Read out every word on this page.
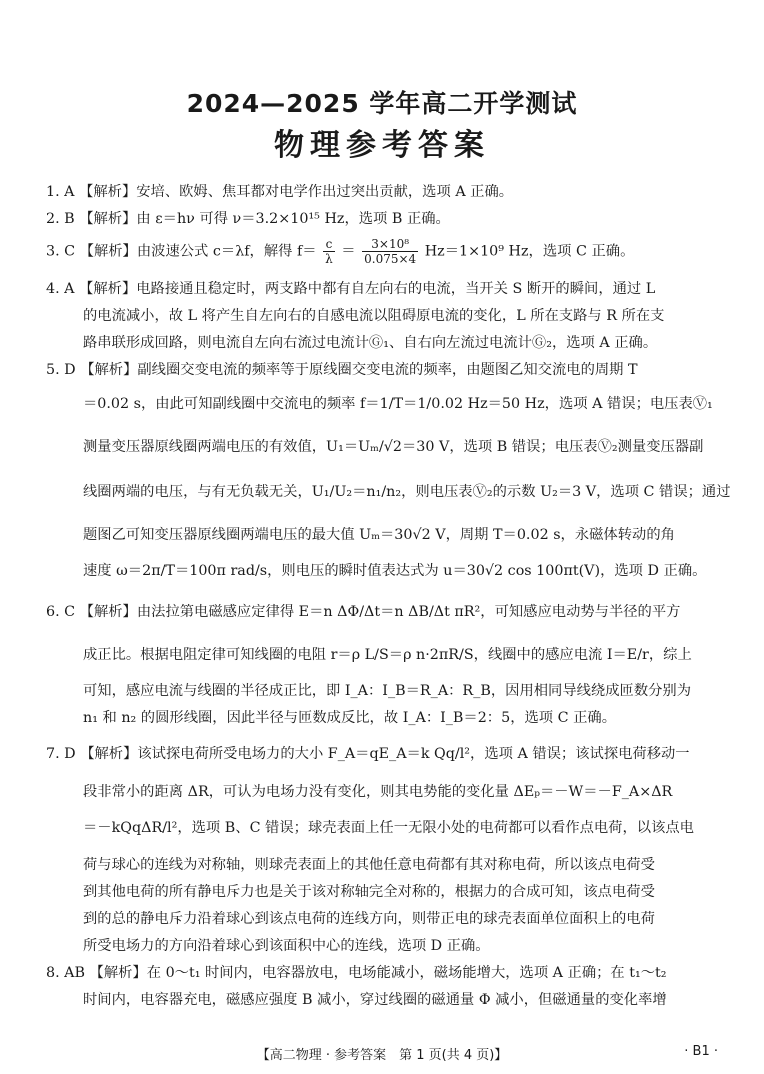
2024—2025 学年高二开学测试
物理参考答案
1. A 【解析】安培、欧姆、焦耳都对电学作出过突出贡献，选项 A 正确。
2. B 【解析】由 ε＝hν 可得 ν＝3.2×10¹⁵ Hz，选项 B 正确。
3. C 【解析】由波速公式 c＝λf，解得 $f= \frac{c}{\lambda} = \frac{\text{3×10⁸}}{0.075\times 4} Hz=1\times 10^9$ Hz，选项 C 正确。
4. A 【解析】电路接通且稳定时，两支路中都有自左向右的电流，当开关 S 断开的瞬间，通过 L
的电流减小，故 L 将产生自左向右的自感电流以阻碍原电流的变化，L 所在支路与 R 所在支
路串联形成回路，则电流自左向右流过电流计Ⓖ₁、自右向左流过电流计Ⓖ₂，选项 A 正确。
5. D 【解析】副线圈交变电流的频率等于原线圈交变电流的频率，由题图乙知交流电的周期 T
＝0.02 s，由此可知副线圈中交流电的频率 f＝1/T＝1/0.02 Hz＝50 Hz，选项 A 错误；电压表Ⓥ₁
测量变压器原线圈两端电压的有效值，U₁＝Uₘ/√2＝30 V，选项 B 错误；电压表Ⓥ₂测量变压器副
线圈两端的电压，与有无负载无关，U₁/U₂＝n₁/n₂，则电压表Ⓥ₂的示数 U₂＝3 V，选项 C 错误；通过
题图乙可知变压器原线圈两端电压的最大值 Uₘ＝30√2 V，周期 T＝0.02 s，永磁体转动的角
速度 ω＝2π/T＝100π rad/s，则电压的瞬时值表达式为 u＝30√2 cos 100πt(V)，选项 D 正确。
6. C 【解析】由法拉第电磁感应定律得 E＝n ΔΦ/Δt＝n ΔB/Δt πR²，可知感应电动势与半径的平方
成正比。根据电阻定律可知线圈的电阻 r＝ρ L/S＝ρ n·2πR/S，线圈中的感应电流 I＝E/r，综上
可知，感应电流与线圈的半径成正比，即 I_A：I_B＝R_A：R_B，因用相同导线绕成匝数分别为
n₁ 和 n₂ 的圆形线圈，因此半径与匝数成反比，故 I_A：I_B＝2：5，选项 C 正确。
7. D 【解析】该试探电荷所受电场力的大小 F_A＝qE_A＝k Qq/l²，选项 A 错误；该试探电荷移动一
段非常小的距离 ΔR，可认为电场力没有变化，则其电势能的变化量 ΔEₚ＝－W＝－F_A×ΔR
＝－kQqΔR/l²，选项 B、C 错误；球壳表面上任一无限小处的电荷都可以看作点电荷，以该点电
荷与球心的连线为对称轴，则球壳表面上的其他任意电荷都有其对称电荷，所以该点电荷受
到其他电荷的所有静电斥力也是关于该对称轴完全对称的，根据力的合成可知，该点电荷受
到的总的静电斥力沿着球心到该点电荷的连线方向，则带正电的球壳表面单位面积上的电荷
所受电场力的方向沿着球心到该面积中心的连线，选项 D 正确。
8. AB 【解析】在 0～t₁ 时间内，电容器放电，电场能减小，磁场能增大，选项 A 正确；在 t₁～t₂
时间内，电容器充电，磁感应强度 B 减小，穿过线圈的磁通量 Φ 减小，但磁通量的变化率增
【高二物理 · 参考答案　第 1 页(共 4 页)】	· B1 ·
